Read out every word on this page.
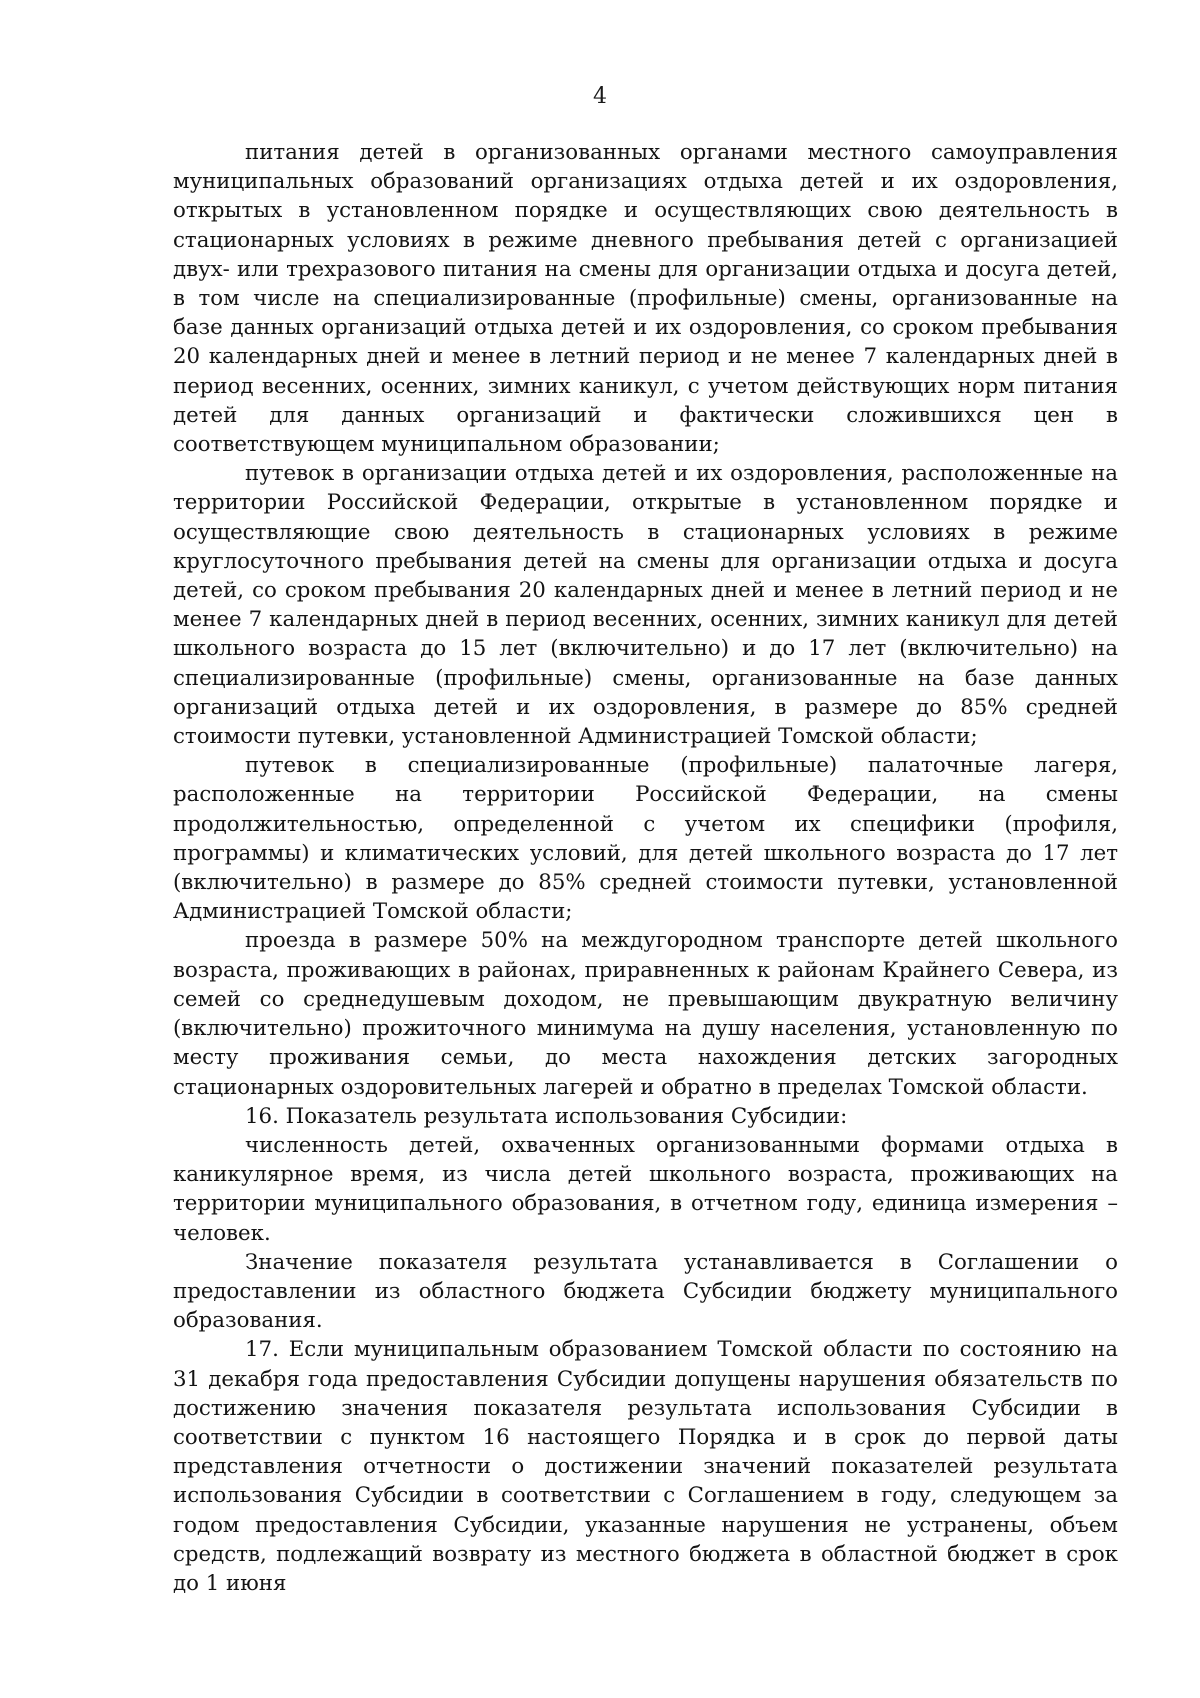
4

питания детей в организованных органами местного самоуправления муниципальных образований организациях отдыха детей и их оздоровления, открытых в установленном порядке и осуществляющих свою деятельность в стационарных условиях в режиме дневного пребывания детей с организацией двух- или трехразового питания на смены для организации отдыха и досуга детей, в том числе на специализированные (профильные) смены, организованные на базе данных организаций отдыха детей и их оздоровления, со сроком пребывания 20 календарных дней и менее в летний период и не менее 7 календарных дней в период весенних, осенних, зимних каникул, с учетом действующих норм питания детей для данных организаций и фактически сложившихся цен в соответствующем муниципальном образовании;

путевок в организации отдыха детей и их оздоровления, расположенные на территории Российской Федерации, открытые в установленном порядке и осуществляющие свою деятельность в стационарных условиях в режиме круглосуточного пребывания детей на смены для организации отдыха и досуга детей, со сроком пребывания 20 календарных дней и менее в летний период и не менее 7 календарных дней в период весенних, осенних, зимних каникул для детей школьного возраста до 15 лет (включительно) и до 17 лет (включительно) на специализированные (профильные) смены, организованные на базе данных организаций отдыха детей и их оздоровления, в размере до 85% средней стоимости путевки, установленной Администрацией Томской области;

путевок в специализированные (профильные) палаточные лагеря, расположенные на территории Российской Федерации, на смены продолжительностью, определенной с учетом их специфики (профиля, программы) и климатических условий, для детей школьного возраста до 17 лет (включительно) в размере до 85% средней стоимости путевки, установленной Администрацией Томской области;

проезда в размере 50% на междугородном транспорте детей школьного возраста, проживающих в районах, приравненных к районам Крайнего Севера, из семей со среднедушевым доходом, не превышающим двукратную величину (включительно) прожиточного минимума на душу населения, установленную по месту проживания семьи, до места нахождения детских загородных стационарных оздоровительных лагерей и обратно в пределах Томской области.

16. Показатель результата использования Субсидии:

численность детей, охваченных организованными формами отдыха в каникулярное время, из числа детей школьного возраста, проживающих на территории муниципального образования, в отчетном году, единица измерения – человек.

Значение показателя результата устанавливается в Соглашении о предоставлении из областного бюджета Субсидии бюджету муниципального образования.

17. Если муниципальным образованием Томской области по состоянию на 31 декабря года предоставления Субсидии допущены нарушения обязательств по достижению значения показателя результата использования Субсидии в соответствии с пунктом 16 настоящего Порядка и в срок до первой даты представления отчетности о достижении значений показателей результата использования Субсидии в соответствии с Соглашением в году, следующем за годом предоставления Субсидии, указанные нарушения не устранены, объем средств, подлежащий возврату из местного бюджета в областной бюджет в срок до 1 июня
